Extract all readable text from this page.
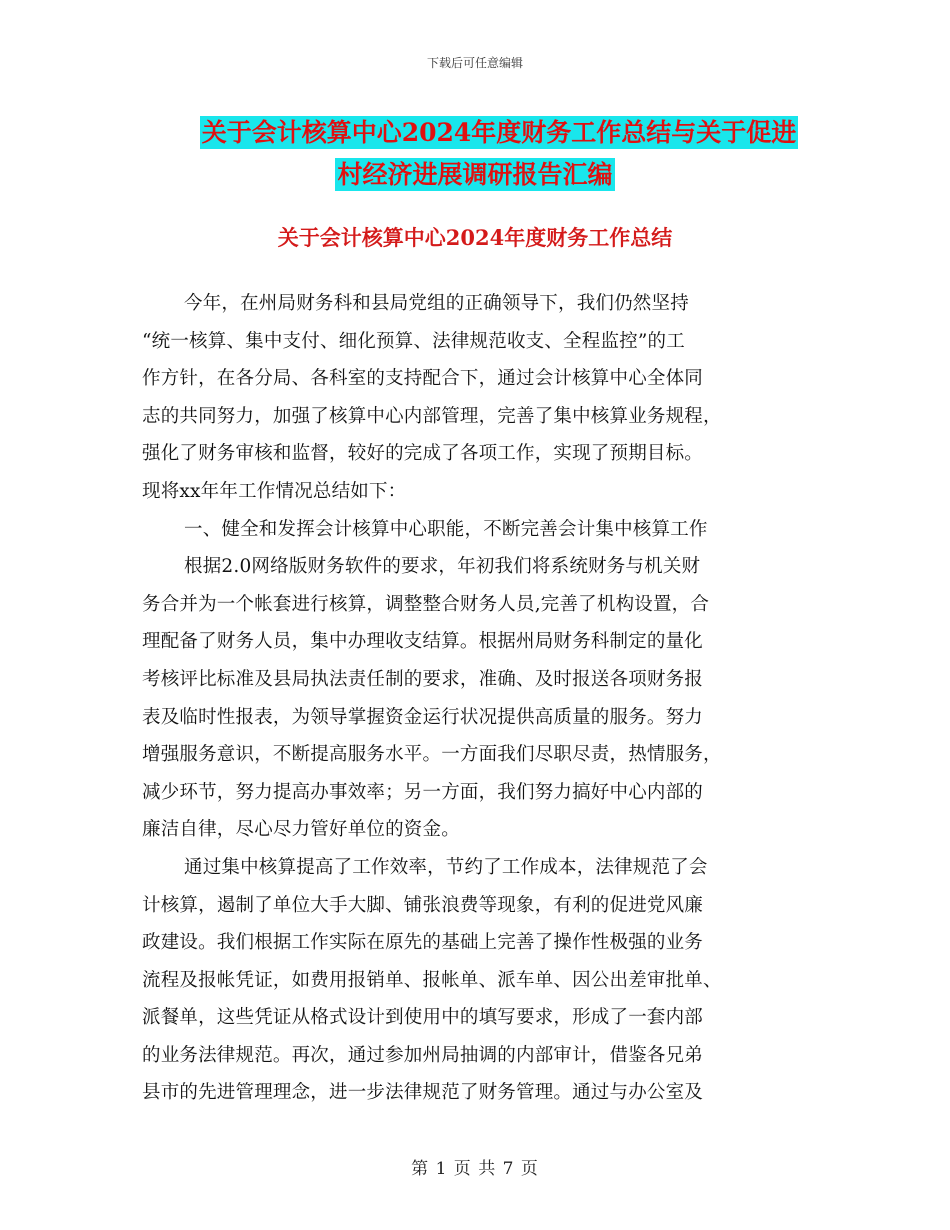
下载后可任意编辑
关于会计核算中心2024年度财务工作总结与关于促进
村经济进展调研报告汇编
关于会计核算中心2024年度财务工作总结
今年，在州局财务科和县局党组的正确领导下，我们仍然坚持
“统一核算、集中支付、细化预算、法律规范收支、全程监控”的工
作方针，在各分局、各科室的支持配合下，通过会计核算中心全体同
志的共同努力，加强了核算中心内部管理，完善了集中核算业务规程，
强化了财务审核和监督，较好的完成了各项工作，实现了预期目标。
现将xx年年工作情况总结如下：
一、健全和发挥会计核算中心职能，不断完善会计集中核算工作
根据2.0网络版财务软件的要求，年初我们将系统财务与机关财
务合并为一个帐套进行核算，调整整合财务人员,完善了机构设置，合
理配备了财务人员，集中办理收支结算。根据州局财务科制定的量化
考核评比标准及县局执法责任制的要求，准确、及时报送各项财务报
表及临时性报表，为领导掌握资金运行状况提供高质量的服务。努力
增强服务意识，不断提高服务水平。一方面我们尽职尽责，热情服务，
减少环节，努力提高办事效率；另一方面，我们努力搞好中心内部的
廉洁自律，尽心尽力管好单位的资金。
通过集中核算提高了工作效率，节约了工作成本，法律规范了会
计核算，遏制了单位大手大脚、铺张浪费等现象，有利的促进党风廉
政建设。我们根据工作实际在原先的基础上完善了操作性极强的业务
流程及报帐凭证，如费用报销单、报帐单、派车单、因公出差审批单、
派餐单，这些凭证从格式设计到使用中的填写要求，形成了一套内部
的业务法律规范。再次，通过参加州局抽调的内部审计，借鉴各兄弟
县市的先进管理理念，进一步法律规范了财务管理。通过与办公室及
第 1 页 共 7 页
